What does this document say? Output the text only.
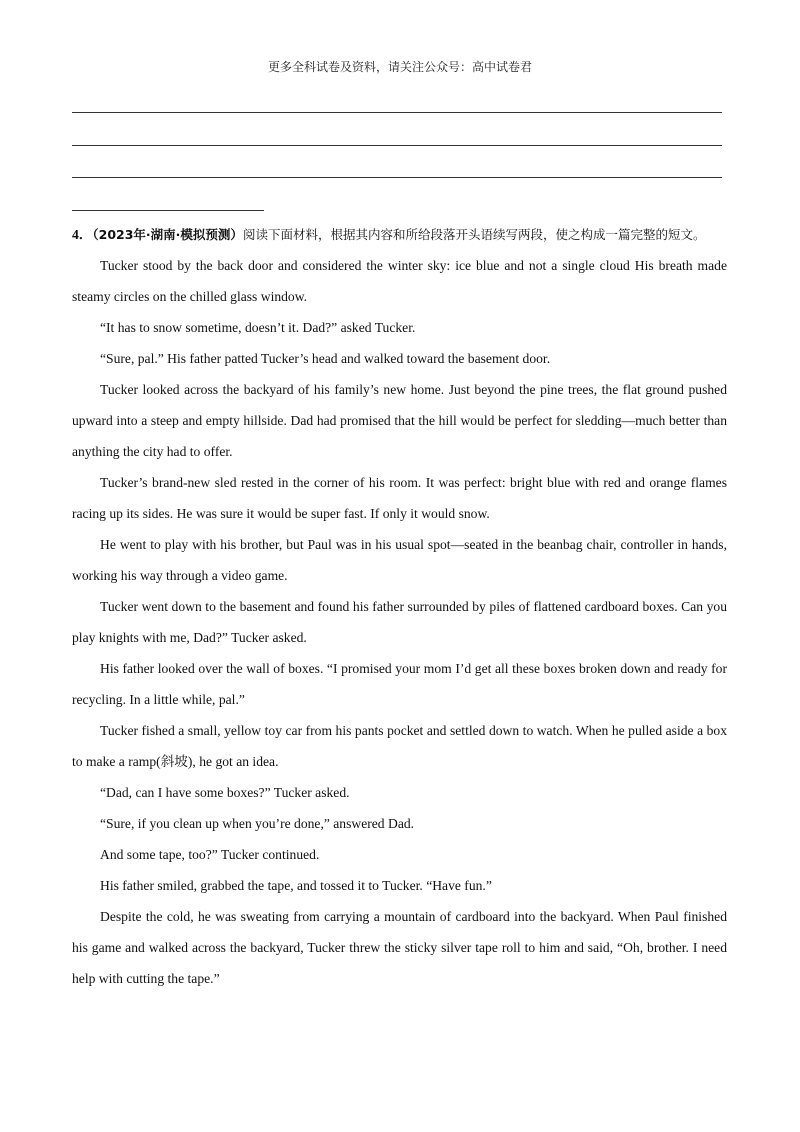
更多全科试卷及资料，请关注公众号：高中试卷君

4．（2023年·湖南·模拟预测）阅读下面材料，根据其内容和所给段落开头语续写两段，使之构成一篇完整的短文。

Tucker stood by the back door and considered the winter sky: ice blue and not a single cloud His breath made steamy circles on the chilled glass window.

“It has to snow sometime, doesn’t it. Dad?” asked Tucker.

“Sure, pal.” His father patted Tucker’s head and walked toward the basement door.

Tucker looked across the backyard of his family’s new home. Just beyond the pine trees, the flat ground pushed upward into a steep and empty hillside. Dad had promised that the hill would be perfect for sledding—much better than anything the city had to offer.

Tucker’s brand-new sled rested in the corner of his room. It was perfect: bright blue with red and orange flames racing up its sides. He was sure it would be super fast. If only it would snow.

He went to play with his brother, but Paul was in his usual spot—seated in the beanbag chair, controller in hands, working his way through a video game.

Tucker went down to the basement and found his father surrounded by piles of flattened cardboard boxes. Can you play knights with me, Dad?” Tucker asked.

His father looked over the wall of boxes. “I promised your mom I’d get all these boxes broken down and ready for recycling. In a little while, pal.”

Tucker fished a small, yellow toy car from his pants pocket and settled down to watch. When he pulled aside a box to make a ramp(斜坡), he got an idea.

“Dad, can I have some boxes?” Tucker asked.

“Sure, if you clean up when you’re done,” answered Dad.

And some tape, too?” Tucker continued.

His father smiled, grabbed the tape, and tossed it to Tucker. “Have fun.”

Despite the cold, he was sweating from carrying a mountain of cardboard into the backyard. When Paul finished his game and walked across the backyard, Tucker threw the sticky silver tape roll to him and said, “Oh, brother. I need help with cutting the tape.”
